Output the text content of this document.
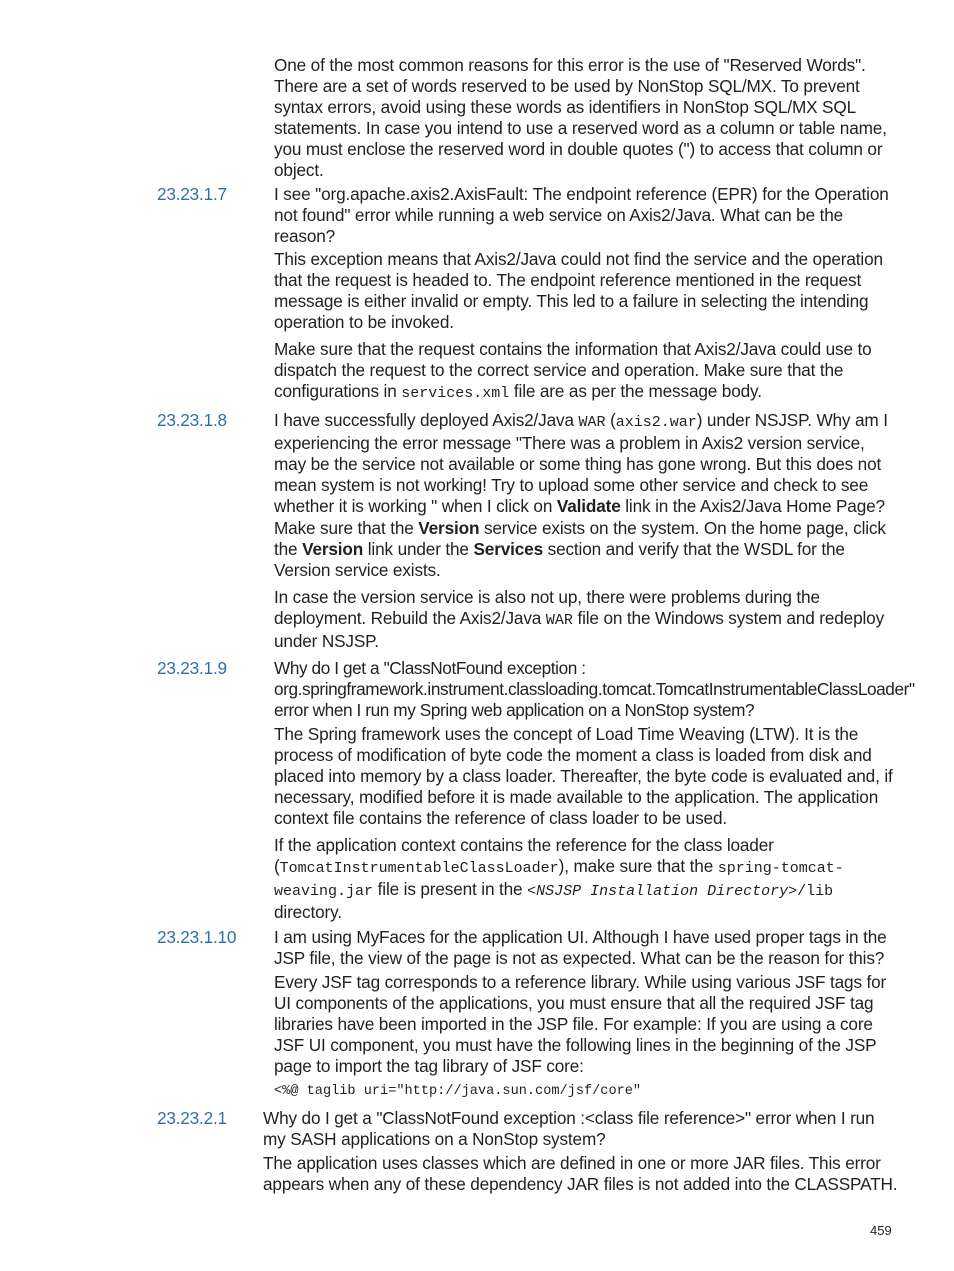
One of the most common reasons for this error is the use of "Reserved Words". There are a set of words reserved to be used by NonStop SQL/MX. To prevent syntax errors, avoid using these words as identifiers in NonStop SQL/MX SQL statements. In case you intend to use a reserved word as a column or table name, you must enclose the reserved word in double quotes (") to access that column or object.

23.23.1.7	I see "org.apache.axis2.AxisFault: The endpoint reference (EPR) for the Operation not found" error while running a web service on Axis2/Java. What can be the reason?

This exception means that Axis2/Java could not find the service and the operation that the request is headed to. The endpoint reference mentioned in the request message is either invalid or empty. This led to a failure in selecting the intending operation to be invoked.

Make sure that the request contains the information that Axis2/Java could use to dispatch the request to the correct service and operation. Make sure that the configurations in services.xml file are as per the message body.

23.23.1.8	I have successfully deployed Axis2/Java WAR (axis2.war) under NSJSP. Why am I experiencing the error message "There was a problem in Axis2 version service, may be the service not available or some thing has gone wrong. But this does not mean system is not working! Try to upload some other service and check to see whether it is working " when I click on Validate link in the Axis2/Java Home Page?

Make sure that the Version service exists on the system. On the home page, click the Version link under the Services section and verify that the WSDL for the Version service exists.

In case the version service is also not up, there were problems during the deployment. Rebuild the Axis2/Java WAR file on the Windows system and redeploy under NSJSP.

23.23.1.9	Why do I get a "ClassNotFound exception : org.springframework.instrument.classloading.tomcat.TomcatInstrumentableClassLoader" error when I run my Spring web application on a NonStop system?

The Spring framework uses the concept of Load Time Weaving (LTW). It is the process of modification of byte code the moment a class is loaded from disk and placed into memory by a class loader. Thereafter, the byte code is evaluated and, if necessary, modified before it is made available to the application. The application context file contains the reference of class loader to be used.

If the application context contains the reference for the class loader (TomcatInstrumentableClassLoader), make sure that the spring-tomcat-weaving.jar file is present in the <NSJSP Installation Directory>/lib directory.

23.23.1.10 I am using MyFaces for the application UI. Although I have used proper tags in the JSP file, the view of the page is not as expected. What can be the reason for this?

Every JSF tag corresponds to a reference library. While using various JSF tags for UI components of the applications, you must ensure that all the required JSF tag libraries have been imported in the JSP file. For example: If you are using a core JSF UI component, you must have the following lines in the beginning of the JSP page to import the tag library of JSF core:

<%@ taglib uri="http://java.sun.com/jsf/core"
23.23.2.1 Why do I get a "ClassNotFound exception :<class file reference>" error when I run my SASH applications on a NonStop system?

The application uses classes which are defined in one or more JAR files. This error appears when any of these dependency JAR files is not added into the CLASSPATH.

459
